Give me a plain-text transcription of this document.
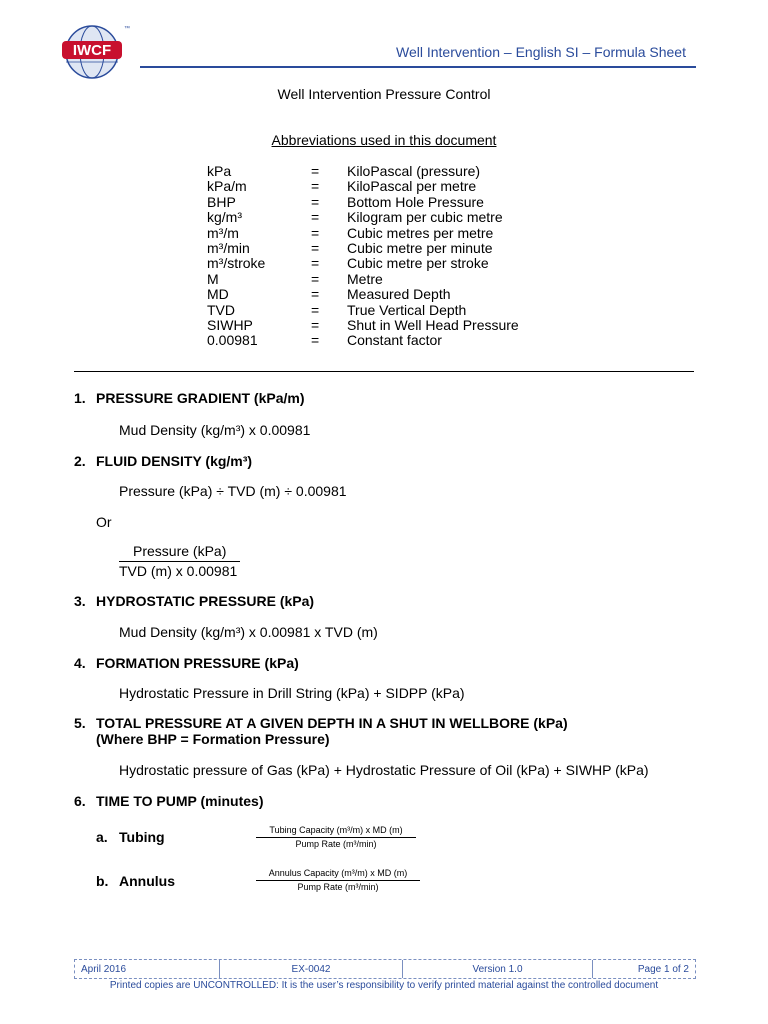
IWCF
™
Well Intervention – English SI – Formula Sheet
Well Intervention Pressure Control
Abbreviations used in this document
kPa	= KiloPascal (pressure)
kPa/m	= KiloPascal per metre
BHP	= Bottom Hole Pressure
kg/m³	= Kilogram per cubic metre
m³/m	= Cubic metres per metre
m³/min	= Cubic metre per minute
m³/stroke	= Cubic metre per stroke
M	= Metre
MD	= Measured Depth
TVD	= True Vertical Depth
SIWHP	= Shut in Well Head Pressure
0.00981	= Constant factor
1. PRESSURE GRADIENT (kPa/m)
Mud Density (kg/m³) x 0.00981
2. FLUID DENSITY (kg/m³)
Pressure (kPa) ÷ TVD (m) ÷ 0.00981
Or
Pressure (kPa)
TVD (m) x 0.00981
3. HYDROSTATIC PRESSURE (kPa)
Mud Density (kg/m³) x 0.00981 x TVD (m)
4. FORMATION PRESSURE (kPa)
Hydrostatic Pressure in Drill String (kPa) + SIDPP (kPa)
5. TOTAL PRESSURE AT A GIVEN DEPTH IN A SHUT IN WELLBORE (kPa)
(Where BHP = Formation Pressure)
Hydrostatic pressure of Gas (kPa) + Hydrostatic Pressure of Oil (kPa) + SIWHP (kPa)
6. TIME TO PUMP (minutes)
a. Tubing	Tubing Capacity (m³/m) x MD (m)
Pump Rate (m³/min)
b. Annulus	Annulus Capacity (m³/m) x MD (m)
Pump Rate (m³/min)
April 2016	EX-0042	Version 1.0	Page 1 of 2
Printed copies are UNCONTROLLED: It is the user’s responsibility to verify printed material against the controlled document
